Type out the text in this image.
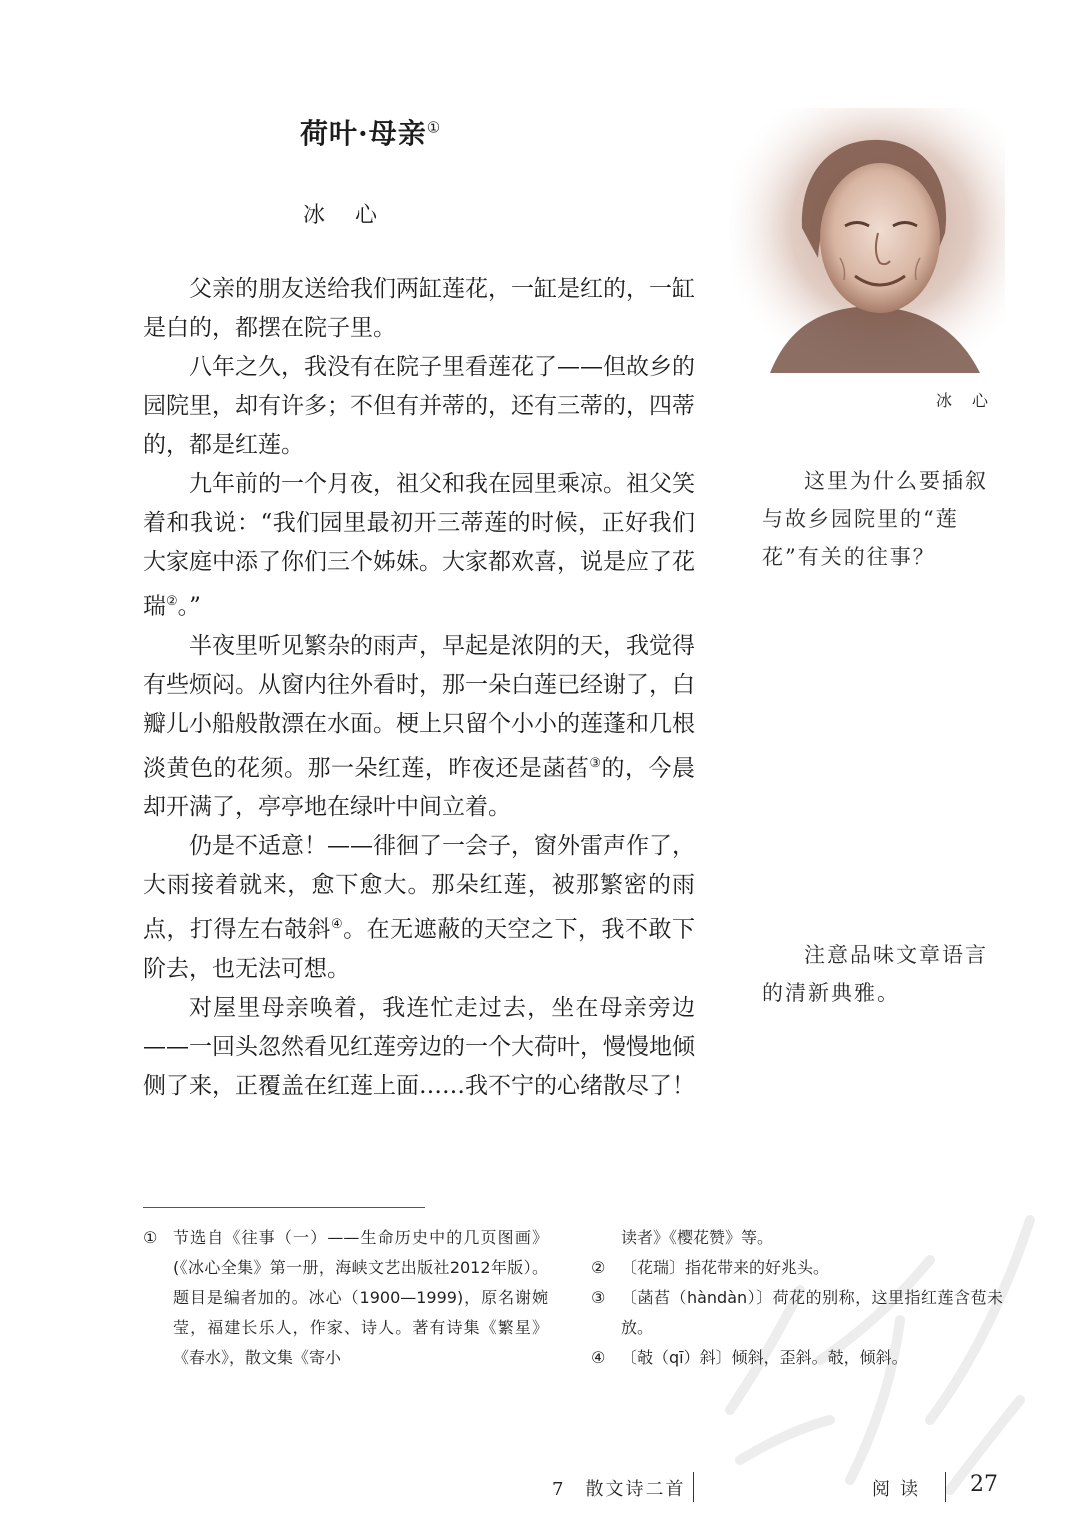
荷叶·母亲①
冰心
冰心

父亲的朋友送给我们两缸莲花，一缸是红的，一缸是白的，都摆在院子里。

八年之久，我没有在院子里看莲花了——但故乡的园院里，却有许多；不但有并蒂的，还有三蒂的，四蒂的，都是红莲。

九年前的一个月夜，祖父和我在园里乘凉。祖父笑着和我说：“我们园里最初开三蒂莲的时候，正好我们大家庭中添了你们三个姊妹。大家都欢喜，说是应了花瑞②。”

半夜里听见繁杂的雨声，早起是浓阴的天，我觉得有些烦闷。从窗内往外看时，那一朵白莲已经谢了，白瓣儿小船般散漂在水面。梗上只留个小小的莲蓬和几根淡黄色的花须。那一朵红莲，昨夜还是菡萏③的，今晨却开满了，亭亭地在绿叶中间立着。

仍是不适意！——徘徊了一会子，窗外雷声作了，大雨接着就来，愈下愈大。那朵红莲，被那繁密的雨点，打得左右攲斜④。在无遮蔽的天空之下，我不敢下阶去，也无法可想。

对屋里母亲唤着，我连忙走过去，坐在母亲旁边——一回头忽然看见红莲旁边的一个大荷叶，慢慢地倾侧了来，正覆盖在红莲上面……我不宁的心绪散尽了！

这里为什么要插叙与故乡园院里的“莲花”有关的往事？
注意品味文章语言的清新典雅。
① 节选自《往事（一）——生命历史中的几页图画》(《冰心全集》第一册，海峡文艺出版社2012年版）。题目是编者加的。冰心（1900—1999)，原名谢婉莹，福建长乐人，作家、诗人。著有诗集《繁星》《春水》，散文集《寄小
读者》《樱花赞》等。
② 〔花瑞〕指花带来的好兆头。
③ 〔菡萏（hàndàn）〕荷花的别称，这里指红莲含苞未放。
④ 〔攲（qī）斜〕倾斜，歪斜。攲，倾斜。
7　散文诗二首	阅读 27
